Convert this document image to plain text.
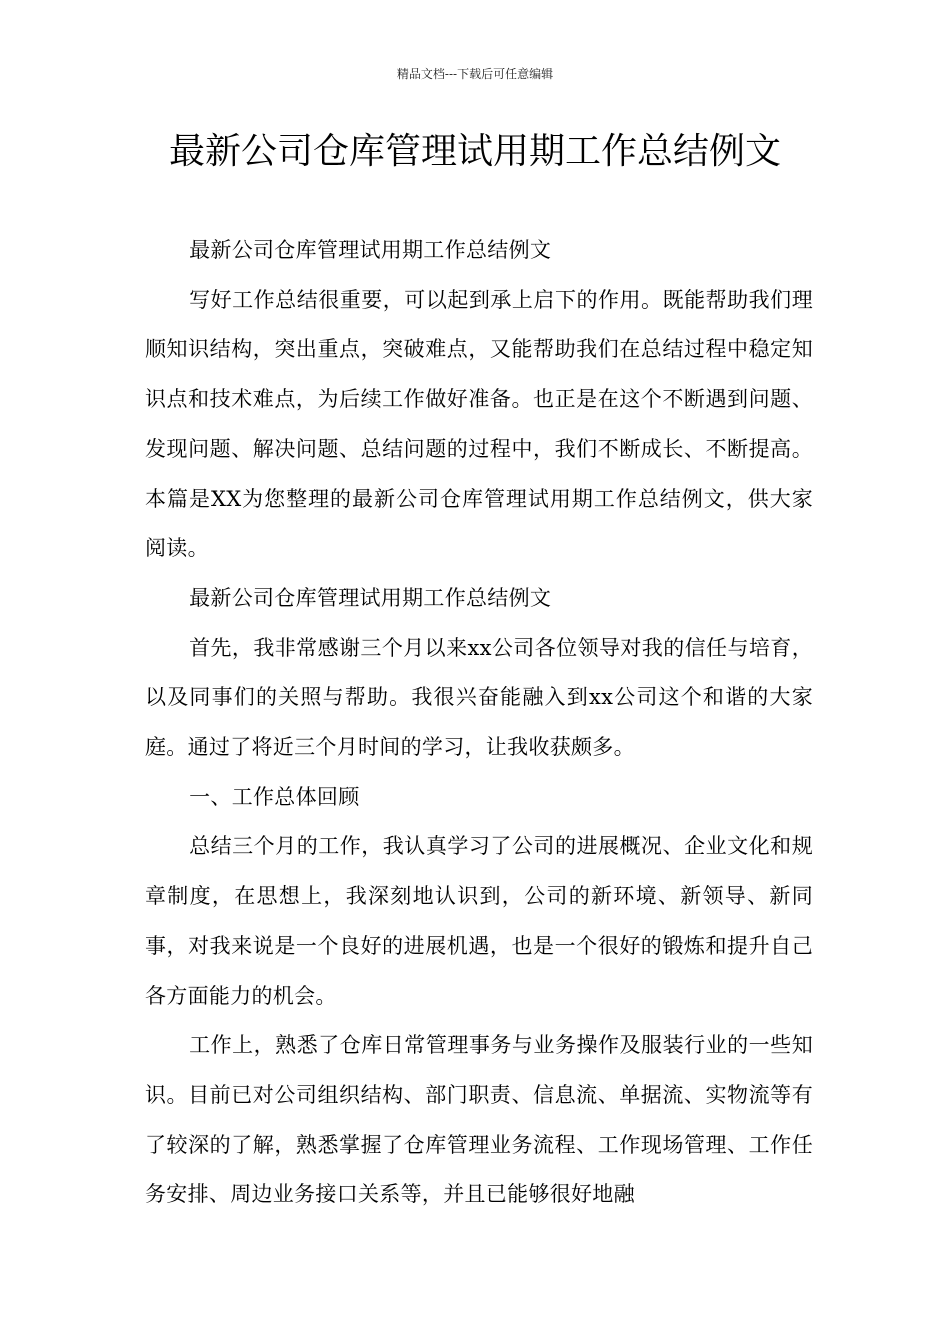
精品文档---下载后可任意编辑
最新公司仓库管理试用期工作总结例文

最新公司仓库管理试用期工作总结例文

写好工作总结很重要，可以起到承上启下的作用。既能帮助我们理顺知识结构，突出重点，突破难点，又能帮助我们在总结过程中稳定知识点和技术难点，为后续工作做好准备。也正是在这个不断遇到问题、发现问题、解决问题、总结问题的过程中，我们不断成长、不断提高。本篇是XX为您整理的最新公司仓库管理试用期工作总结例文，供大家阅读。

最新公司仓库管理试用期工作总结例文

首先，我非常感谢三个月以来xx公司各位领导对我的信任与培育，以及同事们的关照与帮助。我很兴奋能融入到xx公司这个和谐的大家庭。通过了将近三个月时间的学习，让我收获颇多。

一、工作总体回顾

总结三个月的工作，我认真学习了公司的进展概况、企业文化和规章制度，在思想上，我深刻地认识到，公司的新环境、新领导、新同事，对我来说是一个良好的进展机遇，也是一个很好的锻炼和提升自己各方面能力的机会。

工作上，熟悉了仓库日常管理事务与业务操作及服装行业的一些知识。目前已对公司组织结构、部门职责、信息流、单据流、实物流等有了较深的了解，熟悉掌握了仓库管理业务流程、工作现场管理、工作任务安排、周边业务接口关系等，并且已能够很好地融
